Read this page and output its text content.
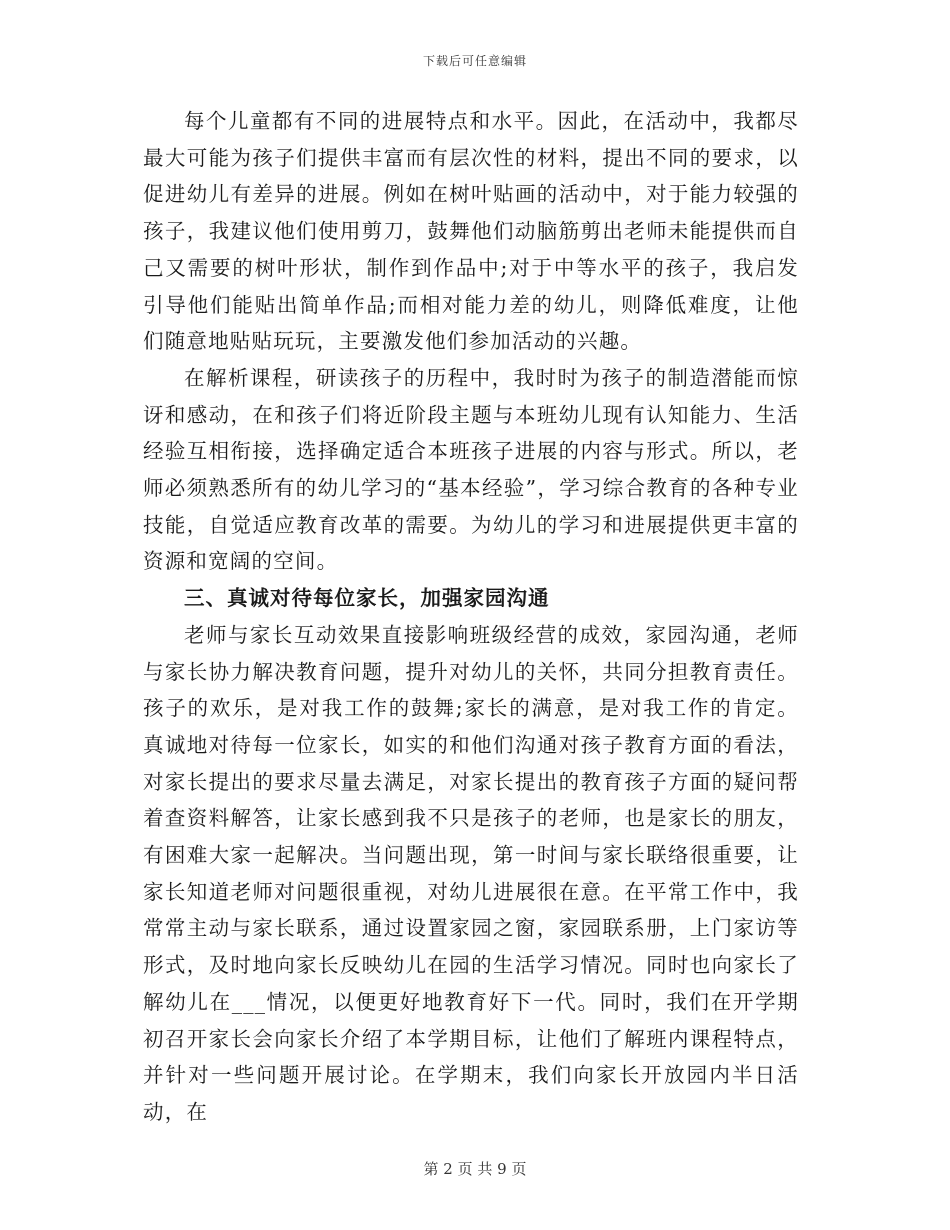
下载后可任意编辑

每个儿童都有不同的进展特点和水平。因此，在活动中，我都尽最大可能为孩子们提供丰富而有层次性的材料，提出不同的要求，以促进幼儿有差异的进展。例如在树叶贴画的活动中，对于能力较强的孩子，我建议他们使用剪刀，鼓舞他们动脑筋剪出老师未能提供而自己又需要的树叶形状，制作到作品中;对于中等水平的孩子，我启发引导他们能贴出简单作品;而相对能力差的幼儿，则降低难度，让他们随意地贴贴玩玩，主要激发他们参加活动的兴趣。

在解析课程，研读孩子的历程中，我时时为孩子的制造潜能而惊讶和感动，在和孩子们将近阶段主题与本班幼儿现有认知能力、生活经验互相衔接，选择确定适合本班孩子进展的内容与形式。所以，老师必须熟悉所有的幼儿学习的“基本经验”，学习综合教育的各种专业技能，自觉适应教育改革的需要。为幼儿的学习和进展提供更丰富的资源和宽阔的空间。

三、真诚对待每位家长，加强家园沟通

老师与家长互动效果直接影响班级经营的成效，家园沟通，老师与家长协力解决教育问题，提升对幼儿的关怀，共同分担教育责任。孩子的欢乐，是对我工作的鼓舞;家长的满意，是对我工作的肯定。真诚地对待每一位家长，如实的和他们沟通对孩子教育方面的看法，对家长提出的要求尽量去满足，对家长提出的教育孩子方面的疑问帮着查资料解答，让家长感到我不只是孩子的老师，也是家长的朋友，有困难大家一起解决。当问题出现，第一时间与家长联络很重要，让家长知道老师对问题很重视，对幼儿进展很在意。在平常工作中，我常常主动与家长联系，通过设置家园之窗，家园联系册，上门家访等形式，及时地向家长反映幼儿在园的生活学习情况。同时也向家长了解幼儿在___情况，以便更好地教育好下一代。同时，我们在开学期初召开家长会向家长介绍了本学期目标，让他们了解班内课程特点，并针对一些问题开展讨论。在学期末，我们向家长开放园内半日活动，在

第 2 页 共 9 页
